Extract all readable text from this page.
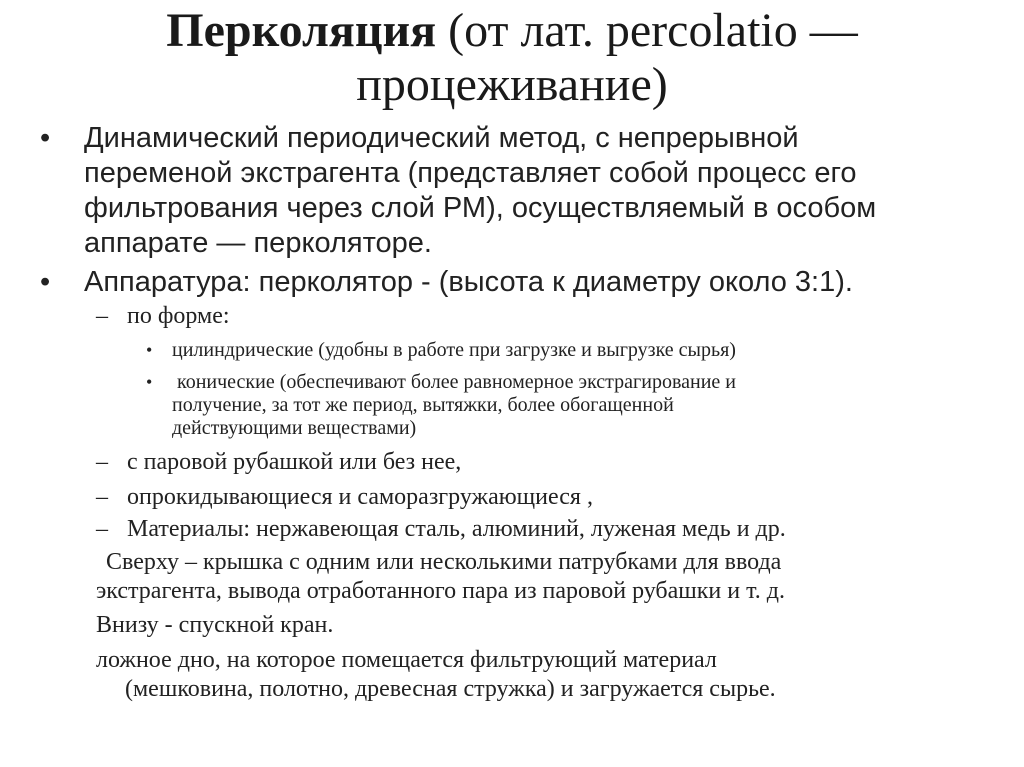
Перколяция (от лат. percolatio —
процеживание)
• Динамический периодический метод, с непрерывной
переменой экстрагента (представляет собой процесс его
фильтрования через слой РМ), осуществляемый в особом
аппарате — перколяторе.
• Аппаратура: перколятор - (высота к диаметру около 3:1).
– по форме:
• цилиндрические (удобны в работе при загрузке и выгрузке сырья)
• конические (обеспечивают более равномерное экстрагирование и
получение, за тот же период, вытяжки, более обогащенной
действующими веществами)
– с паровой рубашкой или без нее,
– опрокидывающиеся и саморазгружающиеся ,
– Материалы: нержавеющая сталь, алюминий, луженая медь и др.
Сверху – крышка с одним или несколькими патрубками для ввода
экстрагента, вывода отработанного пара из паровой рубашки и т. д.
Внизу - спускной кран.
ложное дно, на которое помещается фильтрующий материал
(мешковина, полотно, древесная стружка) и загружается сырье.
